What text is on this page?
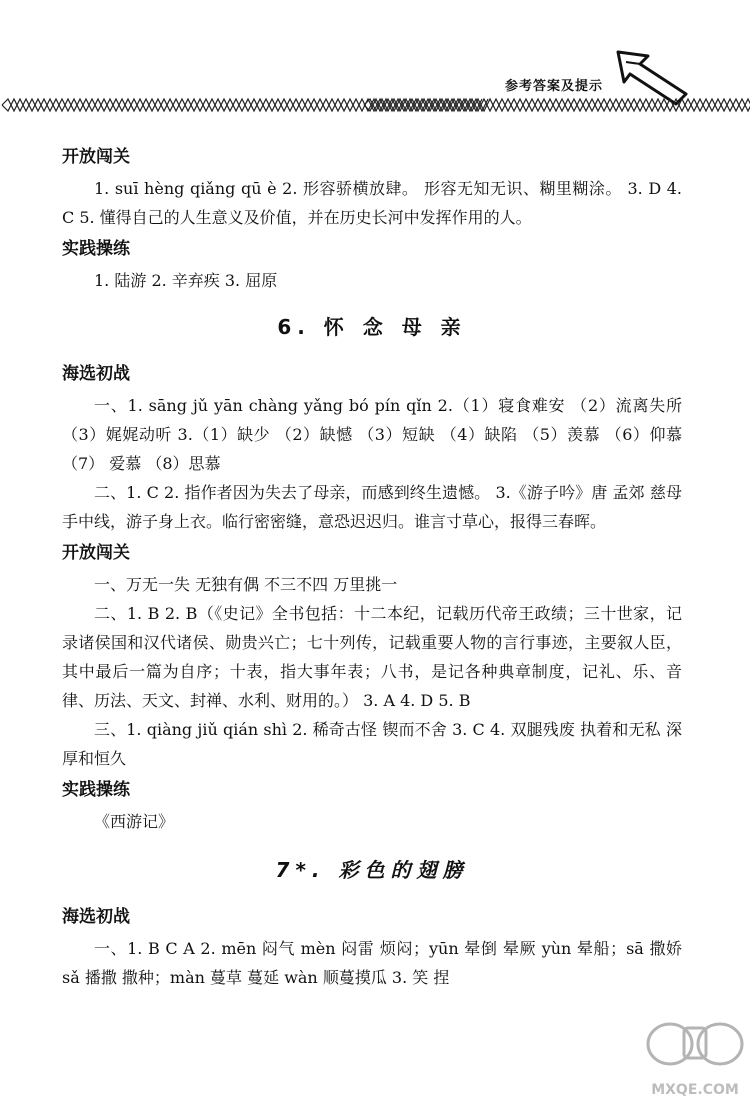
参考答案及提示
开放闯关

1. suī hèng qiǎng qū è 2. 形容骄横放肆。 形容无知无识、糊里糊涂。 3. D 4. C 5. 懂得自己的人生意义及价值，并在历史长河中发挥作用的人。

实践操练

1. 陆游 2. 辛弃疾 3. 屈原

6. 怀 念 母 亲
海选初战

一、1. sāng jǔ yān chàng yǎng bó pín qǐn 2.（1）寝食难安 （2）流离失所 （3）娓娓动听 3.（1）缺少 （2）缺憾 （3）短缺 （4）缺陷 （5）羡慕 （6）仰慕 （7） 爱慕 （8）思慕

二、1. C 2. 指作者因为失去了母亲，而感到终生遗憾。 3.《游子吟》唐 孟郊 慈母手中线，游子身上衣。临行密密缝，意恐迟迟归。谁言寸草心，报得三春晖。

开放闯关

一、万无一失 无独有偶 不三不四 万里挑一

二、1. B 2. B（《史记》全书包括：十二本纪，记载历代帝王政绩；三十世家，记录诸侯国和汉代诸侯、勋贵兴亡；七十列传，记载重要人物的言行事迹，主要叙人臣，其中最后一篇为自序；十表，指大事年表；八书，是记各种典章制度，记礼、乐、音律、历法、天文、封禅、水利、财用的。） 3. A 4. D 5. B

三、1. qiàng jiǔ qián shì 2. 稀奇古怪 锲而不舍 3. C 4. 双腿残废 执着和无私 深厚和恒久

实践操练

《西游记》

7*. 彩色的翅膀
海选初战

一、1. B C A 2. mēn 闷气 mèn 闷雷 烦闷；yūn 晕倒 晕厥 yùn 晕船；sā 撒娇 sǎ 播撒 撒种；màn 蔓草 蔓延 wàn 顺蔓摸瓜 3. 笑 捏

MXQE.COM
